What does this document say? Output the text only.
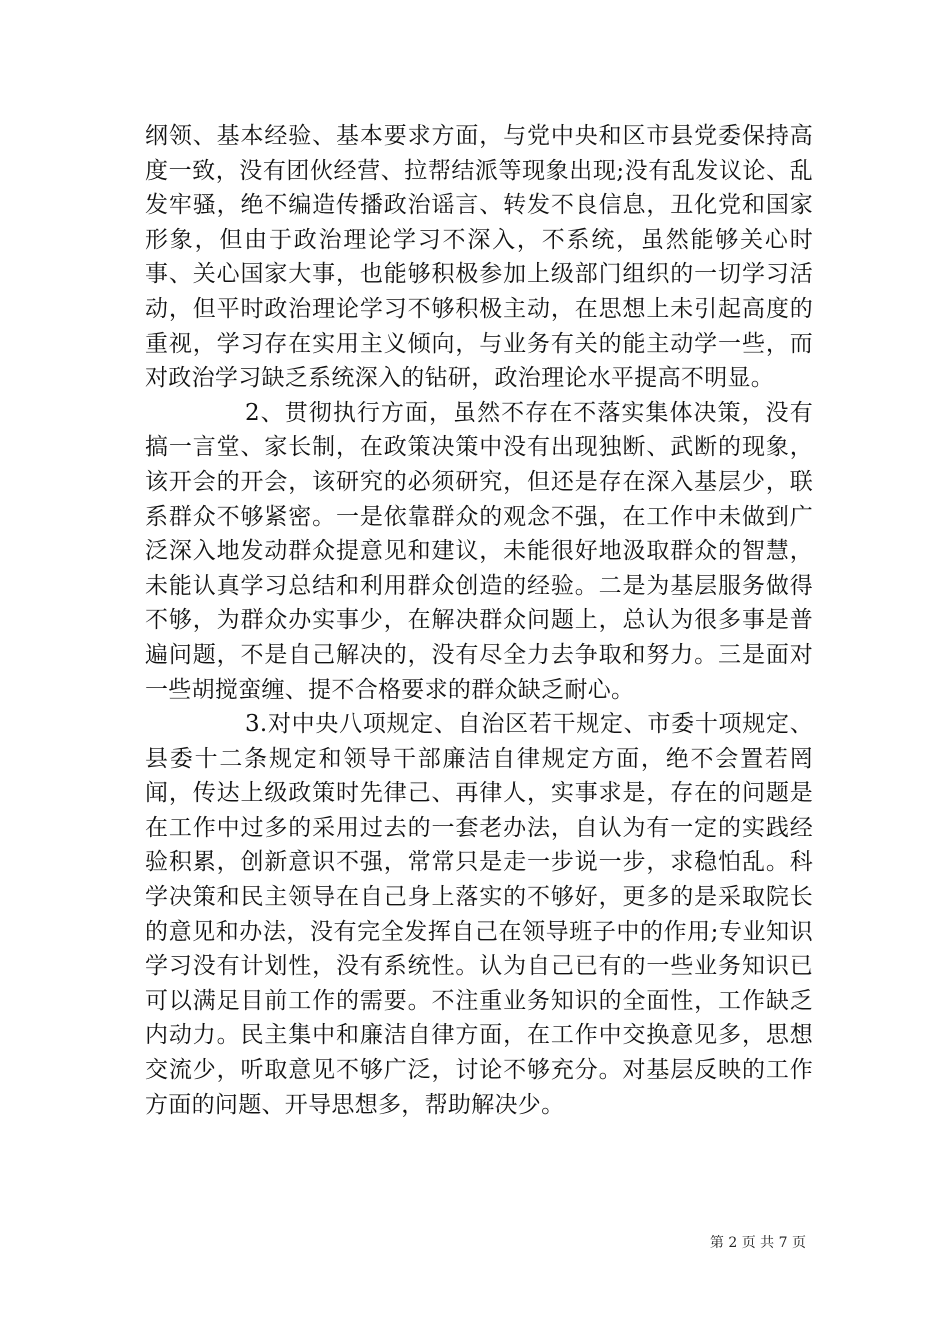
纲领、基本经验、基本要求方面，与党中央和区市县党委保持高度一致，没有团伙经营、拉帮结派等现象出现;没有乱发议论、乱发牢骚，绝不编造传播政治谣言、转发不良信息，丑化党和国家形象，但由于政治理论学习不深入，不系统，虽然能够关心时事、关心国家大事，也能够积极参加上级部门组织的一切学习活动，但平时政治理论学习不够积极主动，在思想上未引起高度的重视，学习存在实用主义倾向，与业务有关的能主动学一些，而对政治学习缺乏系统深入的钻研，政治理论水平提高不明显。

2、贯彻执行方面，虽然不存在不落实集体决策，没有搞一言堂、家长制，在政策决策中没有出现独断、武断的现象，该开会的开会，该研究的必须研究，但还是存在深入基层少，联系群众不够紧密。一是依靠群众的观念不强，在工作中未做到广泛深入地发动群众提意见和建议，未能很好地汲取群众的智慧，未能认真学习总结和利用群众创造的经验。二是为基层服务做得不够，为群众办实事少，在解决群众问题上，总认为很多事是普遍问题，不是自己解决的，没有尽全力去争取和努力。三是面对一些胡搅蛮缠、提不合格要求的群众缺乏耐心。

3.对中央八项规定、自治区若干规定、市委十项规定、县委十二条规定和领导干部廉洁自律规定方面，绝不会置若罔闻，传达上级政策时先律己、再律人，实事求是，存在的问题是在工作中过多的采用过去的一套老办法，自认为有一定的实践经验积累，创新意识不强，常常只是走一步说一步，求稳怕乱。科学决策和民主领导在自己身上落实的不够好，更多的是采取院长的意见和办法，没有完全发挥自己在领导班子中的作用;专业知识学习没有计划性，没有系统性。认为自己已有的一些业务知识已可以满足目前工作的需要。不注重业务知识的全面性，工作缺乏内动力。民主集中和廉洁自律方面，在工作中交换意见多，思想交流少，听取意见不够广泛，讨论不够充分。对基层反映的工作方面的问题、开导思想多，帮助解决少。

第 2 页 共 7 页
